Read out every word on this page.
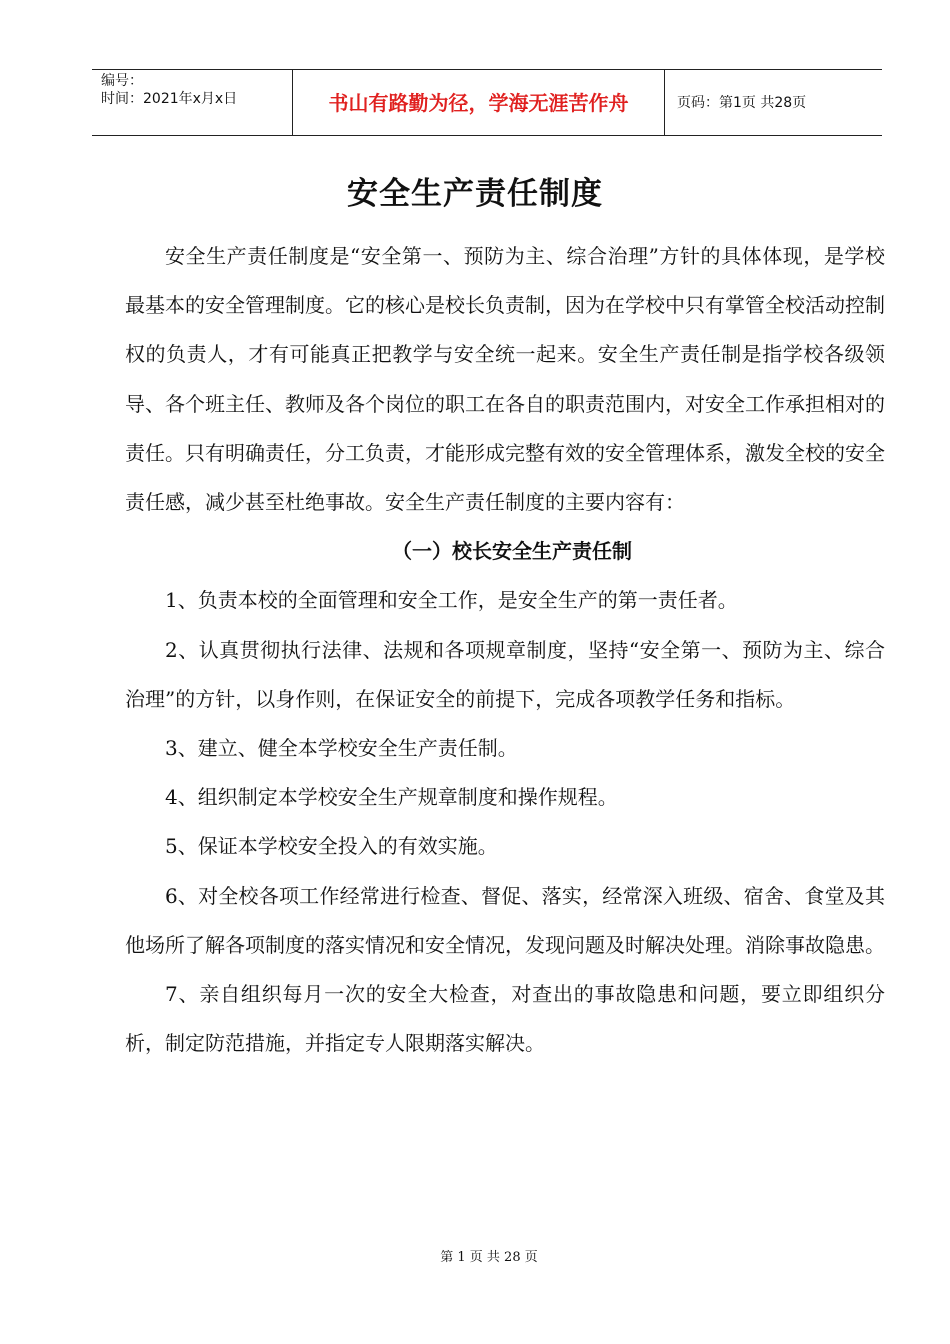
编号：
时间：2021年x月x日	书山有路勤为径，学海无涯苦作舟	页码：第1页 共28页
安全生产责任制度

安全生产责任制度是“安全第一、预防为主、综合治理”方针的具体体现，是学校最基本的安全管理制度。它的核心是校长负责制，因为在学校中只有掌管全校活动控制权的负责人，才有可能真正把教学与安全统一起来。安全生产责任制是指学校各级领导、各个班主任、教师及各个岗位的职工在各自的职责范围内，对安全工作承担相对的责任。只有明确责任，分工负责，才能形成完整有效的安全管理体系，激发全校的安全责任感，减少甚至杜绝事故。安全生产责任制度的主要内容有：

（一）校长安全生产责任制

1、负责本校的全面管理和安全工作，是安全生产的第一责任者。

2、认真贯彻执行法律、法规和各项规章制度，坚持“安全第一、预防为主、综合治理”的方针，以身作则，在保证安全的前提下，完成各项教学任务和指标。

3、建立、健全本学校安全生产责任制。

4、组织制定本学校安全生产规章制度和操作规程。

5、保证本学校安全投入的有效实施。

6、对全校各项工作经常进行检查、督促、落实，经常深入班级、宿舍、食堂及其他场所了解各项制度的落实情况和安全情况，发现问题及时解决处理。消除事故隐患。

7、亲自组织每月一次的安全大检查，对查出的事故隐患和问题，要立即组织分析，制定防范措施，并指定专人限期落实解决。

第 1 页 共 28 页
